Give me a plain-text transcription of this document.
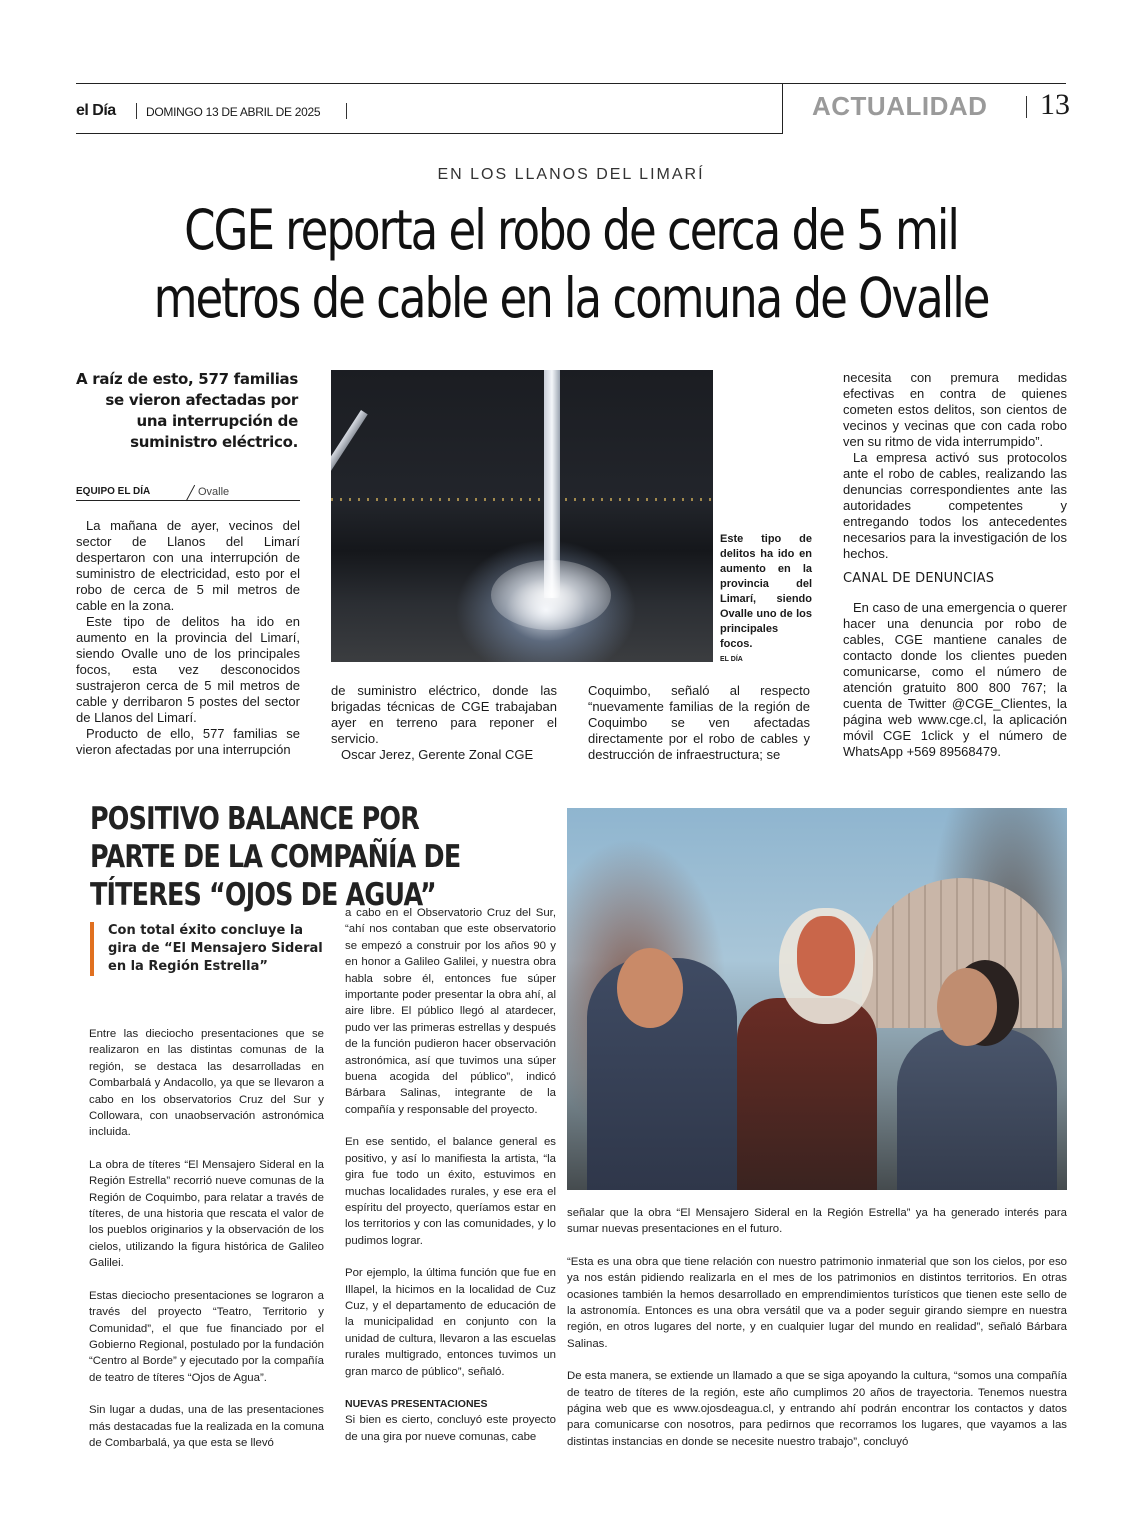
el Día	DOMINGO 13 DE ABRIL DE 2025	ACTUALIDAD 13
EN LOS LLANOS DEL LIMARÍ
CGE reporta el robo de cerca de 5 mil metros de cable en la comuna de Ovalle
A raíz de esto, 577 familias se vieron afectadas por una interrupción de suministro eléctrico.
EQUIPO EL DÍA	Ovalle

La mañana de ayer, vecinos del sector de Llanos del Limarí despertaron con una interrupción de suministro de electricidad, esto por el robo de cerca de 5 mil metros de cable en la zona.

Este tipo de delitos ha ido en aumento en la provincia del Limarí, siendo Ovalle uno de los principales focos, esta vez desconocidos sustrajeron cerca de 5 mil metros de cable y derribaron 5 postes del sector de Llanos del Limarí.

Producto de ello, 577 familias se vieron afectadas por una interrupción

Este tipo de delitos ha ido en aumento en la provincia del Limarí, siendo Ovalle uno de los principales focos.
EL DÍA

de suministro eléctrico, donde las brigadas técnicas de CGE trabajaban ayer en terreno para reponer el servicio.

Oscar Jerez, Gerente Zonal CGE

Coquimbo, señaló al respecto “nuevamente familias de la región de Coquimbo se ven afectadas directamente por el robo de cables y destrucción de infraestructura; se

necesita con premura medidas efectivas en contra de quienes cometen estos delitos, son cientos de vecinos y vecinas que con cada robo ven su ritmo de vida interrumpido”.

La empresa activó sus protocolos ante el robo de cables, realizando las denuncias correspondientes ante las autoridades competentes y entregando todos los antecedentes necesarios para la investigación de los hechos.

CANAL DE DENUNCIAS

En caso de una emergencia o querer hacer una denuncia por robo de cables, CGE mantiene canales de contacto donde los clientes pueden comunicarse, como el número de atención gratuito 800 800 767; la cuenta de Twitter @CGE_Clientes, la página web www.cge.cl, la aplicación móvil CGE 1click y el número de WhatsApp +569 89568479.

POSITIVO BALANCE POR PARTE DE LA COMPAÑÍA DE TÍTERES “OJOS DE AGUA”
Con total éxito concluye la gira de “El Mensajero Sideral en la Región Estrella”

Entre las dieciocho presentaciones que se realizaron en las distintas comunas de la región, se destaca las desarrolladas en Combarbalá y Andacollo, ya que se llevaron a cabo en los observatorios Cruz del Sur y Collowara, con unaobservación astronómica incluida.

La obra de títeres “El Mensajero Sideral en la Región Estrella” recorrió nueve comunas de la Región de Coquimbo, para relatar a través de títeres, de una historia que rescata el valor de los pueblos originarios y la observación de los cielos, utilizando la figura histórica de Galileo Galilei.

Estas dieciocho presentaciones se lograron a través del proyecto “Teatro, Territorio y Comunidad”, el que fue financiado por el Gobierno Regional, postulado por la fundación “Centro al Borde” y ejecutado por la compañía de teatro de títeres “Ojos de Agua”.

Sin lugar a dudas, una de las presentaciones más destacadas fue la realizada en la comuna de Combarbalá, ya que esta se llevó

a cabo en el Observatorio Cruz del Sur, “ahí nos contaban que este observatorio se empezó a construir por los años 90 y en honor a Galileo Galilei, y nuestra obra habla sobre él, entonces fue súper importante poder presentar la obra ahí, al aire libre. El público llegó al atardecer, pudo ver las primeras estrellas y después de la función pudieron hacer observación astronómica, así que tuvimos una súper buena acogida del público”, indicó Bárbara Salinas, integrante de la compañía y responsable del proyecto.

En ese sentido, el balance general es positivo, y así lo manifiesta la artista, “la gira fue todo un éxito, estuvimos en muchas localidades rurales, y ese era el espíritu del proyecto, queríamos estar en los territorios y con las comunidades, y lo pudimos lograr.

Por ejemplo, la última función que fue en Illapel, la hicimos en la localidad de Cuz Cuz, y el departamento de educación de la municipalidad en conjunto con la unidad de cultura, llevaron a las escuelas rurales multigrado, entonces tuvimos un gran marco de público”, señaló.

NUEVAS PRESENTACIONES

Si bien es cierto, concluyó este proyecto de una gira por nueve comunas, cabe

señalar que la obra “El Mensajero Sideral en la Región Estrella” ya ha generado interés para sumar nuevas presentaciones en el futuro.

“Esta es una obra que tiene relación con nuestro patrimonio inmaterial que son los cielos, por eso ya nos están pidiendo realizarla en el mes de los patrimonios en distintos territorios. En otras ocasiones también la hemos desarrollado en emprendimientos turísticos que tienen este sello de la astronomía. Entonces es una obra versátil que va a poder seguir girando siempre en nuestra región, en otros lugares del norte, y en cualquier lugar del mundo en realidad”, señaló Bárbara Salinas.

De esta manera, se extiende un llamado a que se siga apoyando la cultura, “somos una compañía de teatro de títeres de la región, este año cumplimos 20 años de trayectoria. Tenemos nuestra página web que es www.ojosdeagua.cl, y entrando ahí podrán encontrar los contactos y datos para comunicarse con nosotros, para pedirnos que recorramos los lugares, que vayamos a las distintas instancias en donde se necesite nuestro trabajo”, concluyó
